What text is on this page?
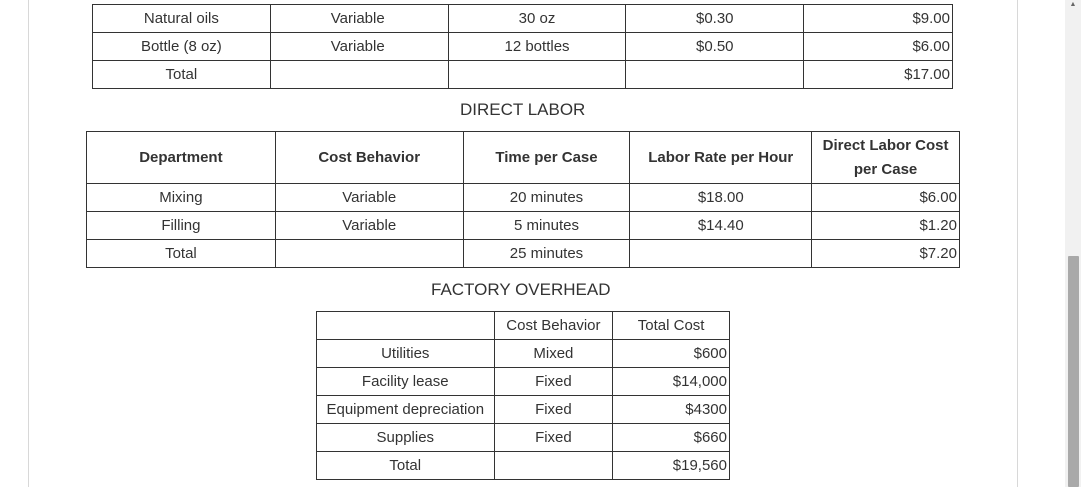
Natural oils	Variable	30 oz	$0.30	$9.00
Bottle (8 oz)	Variable	12 bottles	$0.50	$6.00
Total				$17.00
DIRECT LABOR
Department	Cost Behavior	Time per Case	Labor Rate per Hour	Direct Labor Cost
per Case
Mixing	Variable	20 minutes	$18.00	$6.00
Filling	Variable	5 minutes	$14.40	$1.20
Total		25 minutes		$7.20
FACTORY OVERHEAD
	Cost Behavior	Total Cost
Utilities	Mixed	$600
Facility lease	Fixed	$14,000
Equipment depreciation	Fixed	$4300
Supplies	Fixed	$660
Total		$19,560
▲
